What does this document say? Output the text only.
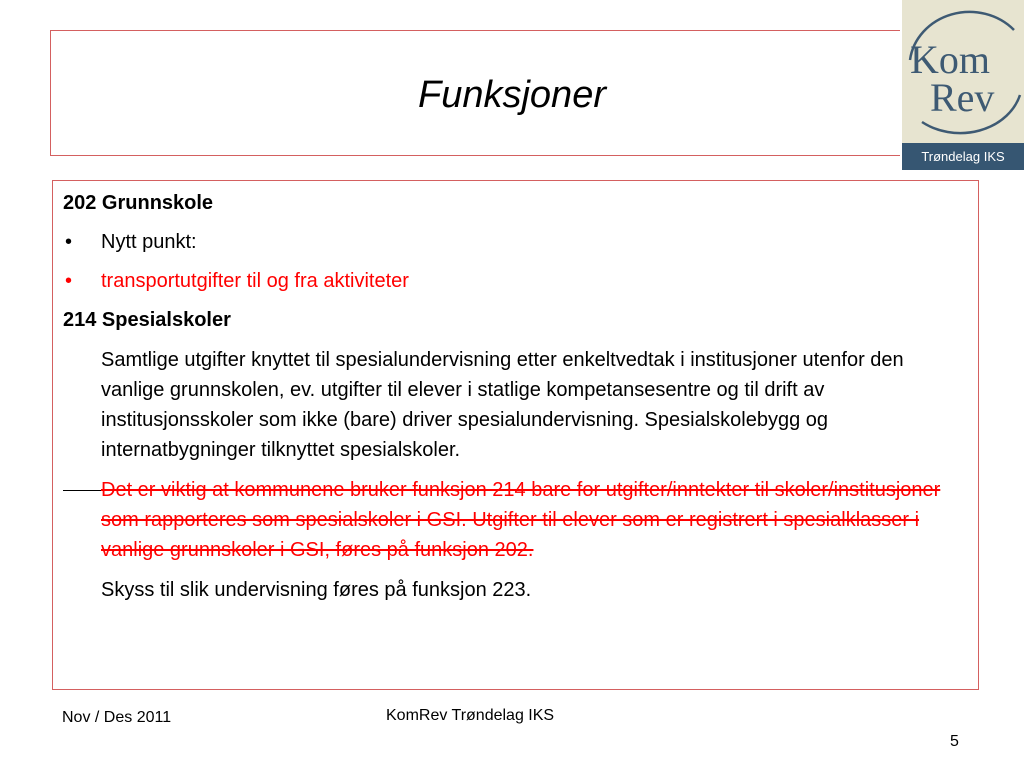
Funksjoner
Kom
Rev
Trøndelag IKS

202 Grunnskole

• Nytt punkt:

• transportutgifter til og fra aktiviteter

214 Spesialskoler

Samtlige utgifter knyttet til spesialundervisning etter enkeltvedtak i institusjoner utenfor den vanlige grunnskolen, ev. utgifter til elever i statlige kompetansesentre og til drift av institusjonsskoler som ikke (bare) driver spesialundervisning. Spesialskolebygg og internatbygninger tilknyttet spesialskoler.

Det er viktig at kommunene bruker funksjon 214 bare for utgifter/inntekter til skoler/institusjoner som rapporteres som spesialskoler i GSI. Utgifter til elever som er registrert i spesialklasser i vanlige grunnskoler i GSI, føres på funksjon 202.

Skyss til slik undervisning føres på funksjon 223.

Nov / Des 2011	KomRev Trøndelag IKS
5
